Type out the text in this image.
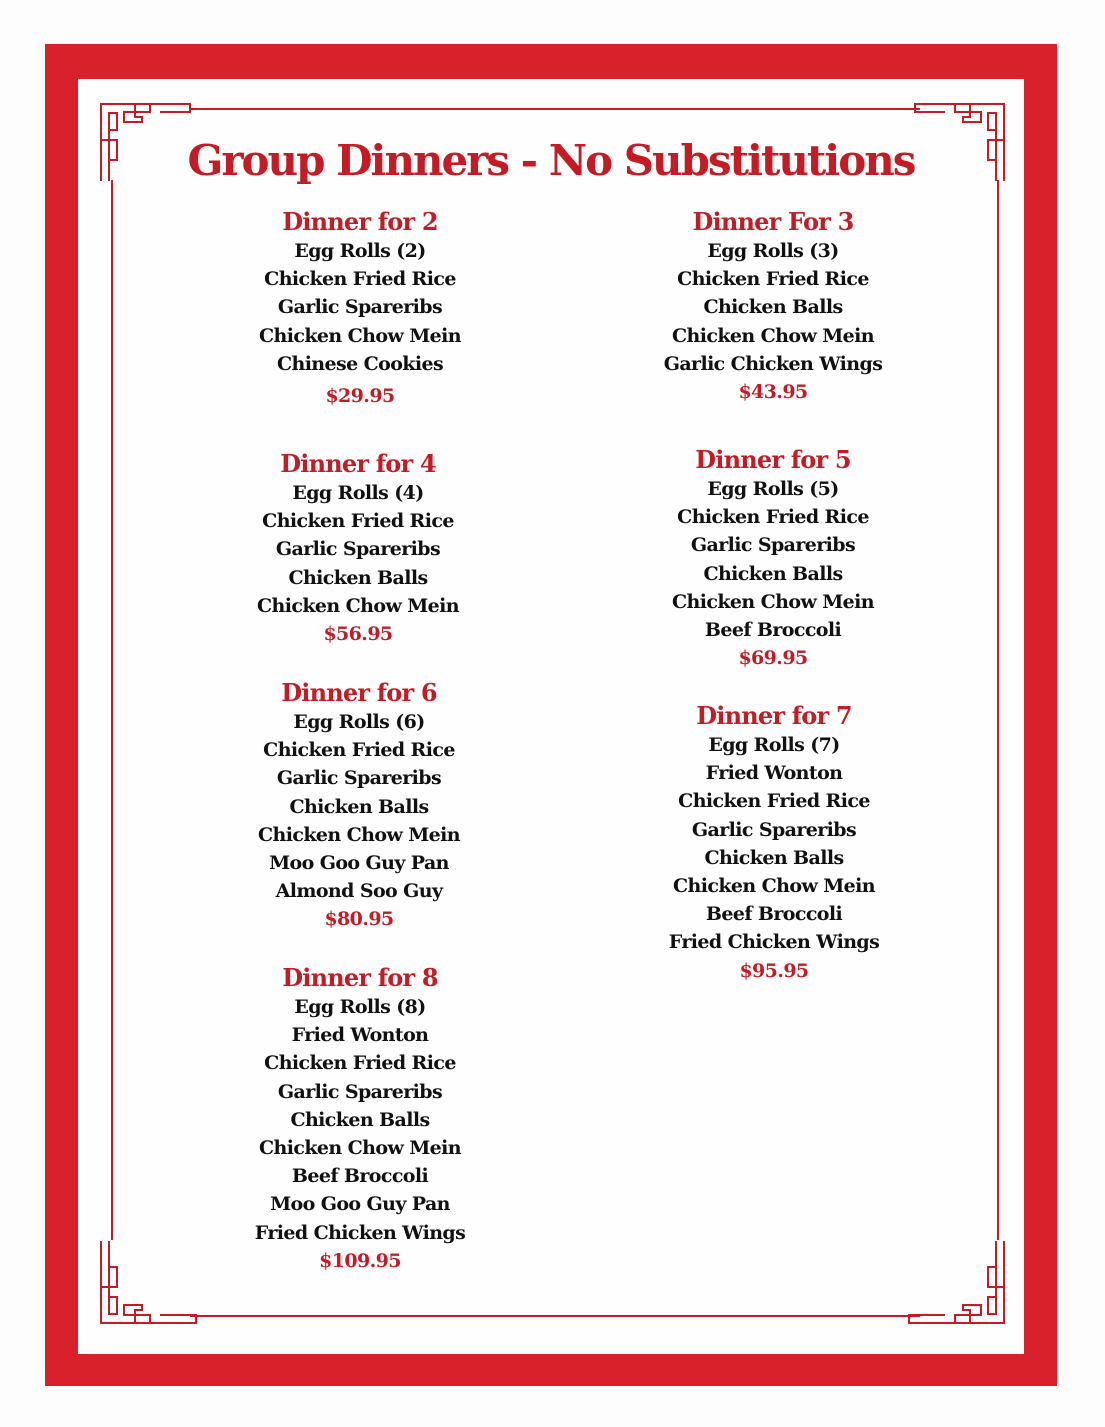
Group Dinners - No Substitutions
Dinner for 2
Egg Rolls (2)
Chicken Fried Rice
Garlic Spareribs
Chicken Chow Mein
Chinese Cookies
$29.95
Dinner For 3
Egg Rolls (3)
Chicken Fried Rice
Chicken Balls
Chicken Chow Mein
Garlic Chicken Wings
$43.95
Dinner for 4
Egg Rolls (4)
Chicken Fried Rice
Garlic Spareribs
Chicken Balls
Chicken Chow Mein
$56.95
Dinner for 5
Egg Rolls (5)
Chicken Fried Rice
Garlic Spareribs
Chicken Balls
Chicken Chow Mein
Beef Broccoli
$69.95
Dinner for 6
Egg Rolls (6)
Chicken Fried Rice
Garlic Spareribs
Chicken Balls
Chicken Chow Mein
Moo Goo Guy Pan
Almond Soo Guy
$80.95
Dinner for 7
Egg Rolls (7)
Fried Wonton
Chicken Fried Rice
Garlic Spareribs
Chicken Balls
Chicken Chow Mein
Beef Broccoli
Fried Chicken Wings
$95.95
Dinner for 8
Egg Rolls (8)
Fried Wonton
Chicken Fried Rice
Garlic Spareribs
Chicken Balls
Chicken Chow Mein
Beef Broccoli
Moo Goo Guy Pan
Fried Chicken Wings
$109.95
